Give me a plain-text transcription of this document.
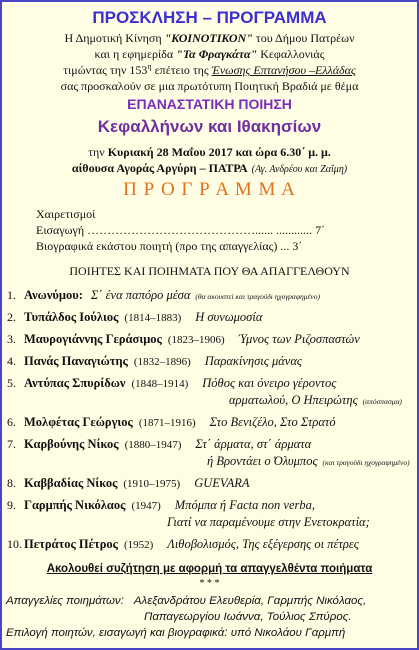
ΠΡΟΣΚΛΗΣΗ – ΠΡΟΓΡΑΜΜΑ
Η Δημοτική Κίνηση "ΚΟΙΝΟΤΙΚΟΝ" του Δήμου Πατρέων
και η εφημερίδα "Τα Φραγκάτα" Κεφαλλονιάς
τιμώντας την $153^\eta$ επέτειο της Ένωσης Επτανήσου –Ελλάδας
σας προσκαλούν σε μια πρωτότυπη Ποιητική Βραδιά με θέμα
ΕΠΑΝΑΣΤΑΤΙΚΗ ΠΟΙΗΣΗ
Κεφαλλήνων και Ιθακησίων
την Κυριακή 28 Μαΐου 2017 και ώρα 6.30΄ μ. μ.
αίθουσα Αγοράς Αργύρη – ΠΑΤΡΑ (Αγ. Ανδρέου και Ζαΐμη)
Π Ρ Ο Γ Ρ Α Μ Μ Α
Χαιρετισμοί
Εισαγωγή ……………………………………...... ............ 7΄
Βιογραφικά εκάστου ποιητή (προ της απαγγελίας) ... 3΄
ΠΟΙΗΤΕΣ ΚΑΙ ΠΟΙΗΜΑΤΑ ΠΟΥ ΘΑ ΑΠΑΓΓΕΛΘΟΥΝ
1. Ανωνύμου: Σ΄ ένα παπόρο μέσα (θα ακουστεί και τραγούδι ηχογραφημένο)
2. Τυπάλδος Ιούλιος (1814–1883) Η συνωμοσία
3. Μαυρογιάννης Γεράσιμος (1823–1906) Ύμνος των Ριζοσπαστών
4. Πανάς Παναγιώτης (1832–1896) Παρακίνησις μάνας
5. Αντύπας Σπυρίδων (1848–1914) Πόθος και όνειρο γέροντος
αρματωλού, Ο Ηπειρώτης (απόσπασμα)
6. Μολφέτας Γεώργιος (1871–1916) Στο Βενιζέλο, Στο Στρατό
7. Καρβούνης Νίκος (1880–1947) Στ΄ άρματα, στ΄ άρματα
ή Βροντάει ο Όλυμπος (και τραγούδι ηχογραφημένο)
8. Καββαδίας Νίκος (1910–1975) GUEVARA
9. Γαρμπής Νικόλαος (1947) Μπόμπα ή Facta non verba,
Γιατί να παραμένουμε στην Ενετοκρατία;
10. Πετράτος Πέτρος (1952) Λιθοβολισμός, Της εξέγερσης οι πέτρες
Ακολουθεί συζήτηση με αφορμή τα απαγγελθέντα ποιήματα
* * *
Απαγγελίες ποιημάτων: Αλεξανδράτου Ελευθερία, Γαρμπής Νικόλαος,
Παπαγεωργίου Ιωάννα, Τούλιος Σπύρος.
Επιλογή ποιητών, εισαγωγή και βιογραφικά: υπό Νικολάου Γαρμπή
